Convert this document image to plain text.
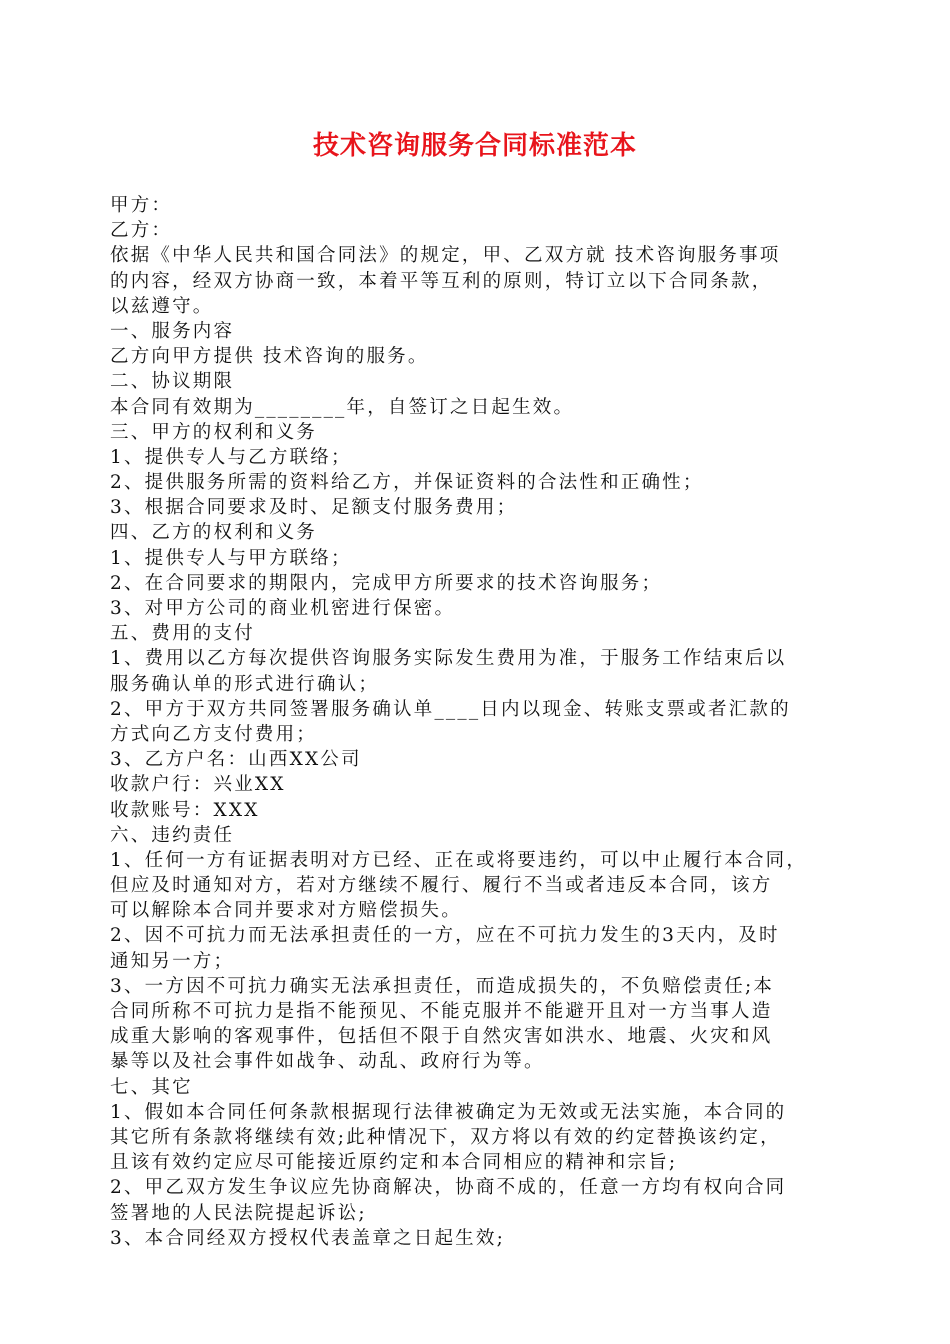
技术咨询服务合同标准范本

甲方：

乙方：

依据《中华人民共和国合同法》的规定，甲、乙双方就 技术咨询服务事项

的内容，经双方协商一致，本着平等互利的原则，特订立以下合同条款，

以兹遵守。

一、服务内容

乙方向甲方提供 技术咨询的服务。

二、协议期限

本合同有效期为________年，自签订之日起生效。

三、甲方的权利和义务

1、提供专人与乙方联络；

2、提供服务所需的资料给乙方，并保证资料的合法性和正确性；

3、根据合同要求及时、足额支付服务费用；

四、乙方的权利和义务

1、提供专人与甲方联络；

2、在合同要求的期限内，完成甲方所要求的技术咨询服务；

3、对甲方公司的商业机密进行保密。

五、费用的支付

1、费用以乙方每次提供咨询服务实际发生费用为准，于服务工作结束后以

服务确认单的形式进行确认；

2、甲方于双方共同签署服务确认单____日内以现金、转账支票或者汇款的

方式向乙方支付费用；

3、乙方户名：山西XX公司

收款户行：兴业XX

收款账号：XXX

六、违约责任

1、任何一方有证据表明对方已经、正在或将要违约，可以中止履行本合同，

但应及时通知对方，若对方继续不履行、履行不当或者违反本合同，该方

可以解除本合同并要求对方赔偿损失。

2、因不可抗力而无法承担责任的一方，应在不可抗力发生的3天内，及时

通知另一方；

3、一方因不可抗力确实无法承担责任，而造成损失的，不负赔偿责任;本

合同所称不可抗力是指不能预见、不能克服并不能避开且对一方当事人造

成重大影响的客观事件，包括但不限于自然灾害如洪水、地震、火灾和风

暴等以及社会事件如战争、动乱、政府行为等。

七、其它

1、假如本合同任何条款根据现行法律被确定为无效或无法实施，本合同的

其它所有条款将继续有效;此种情况下，双方将以有效的约定替换该约定，

且该有效约定应尽可能接近原约定和本合同相应的精神和宗旨;

2、甲乙双方发生争议应先协商解决，协商不成的，任意一方均有权向合同

签署地的人民法院提起诉讼;

3、本合同经双方授权代表盖章之日起生效;
